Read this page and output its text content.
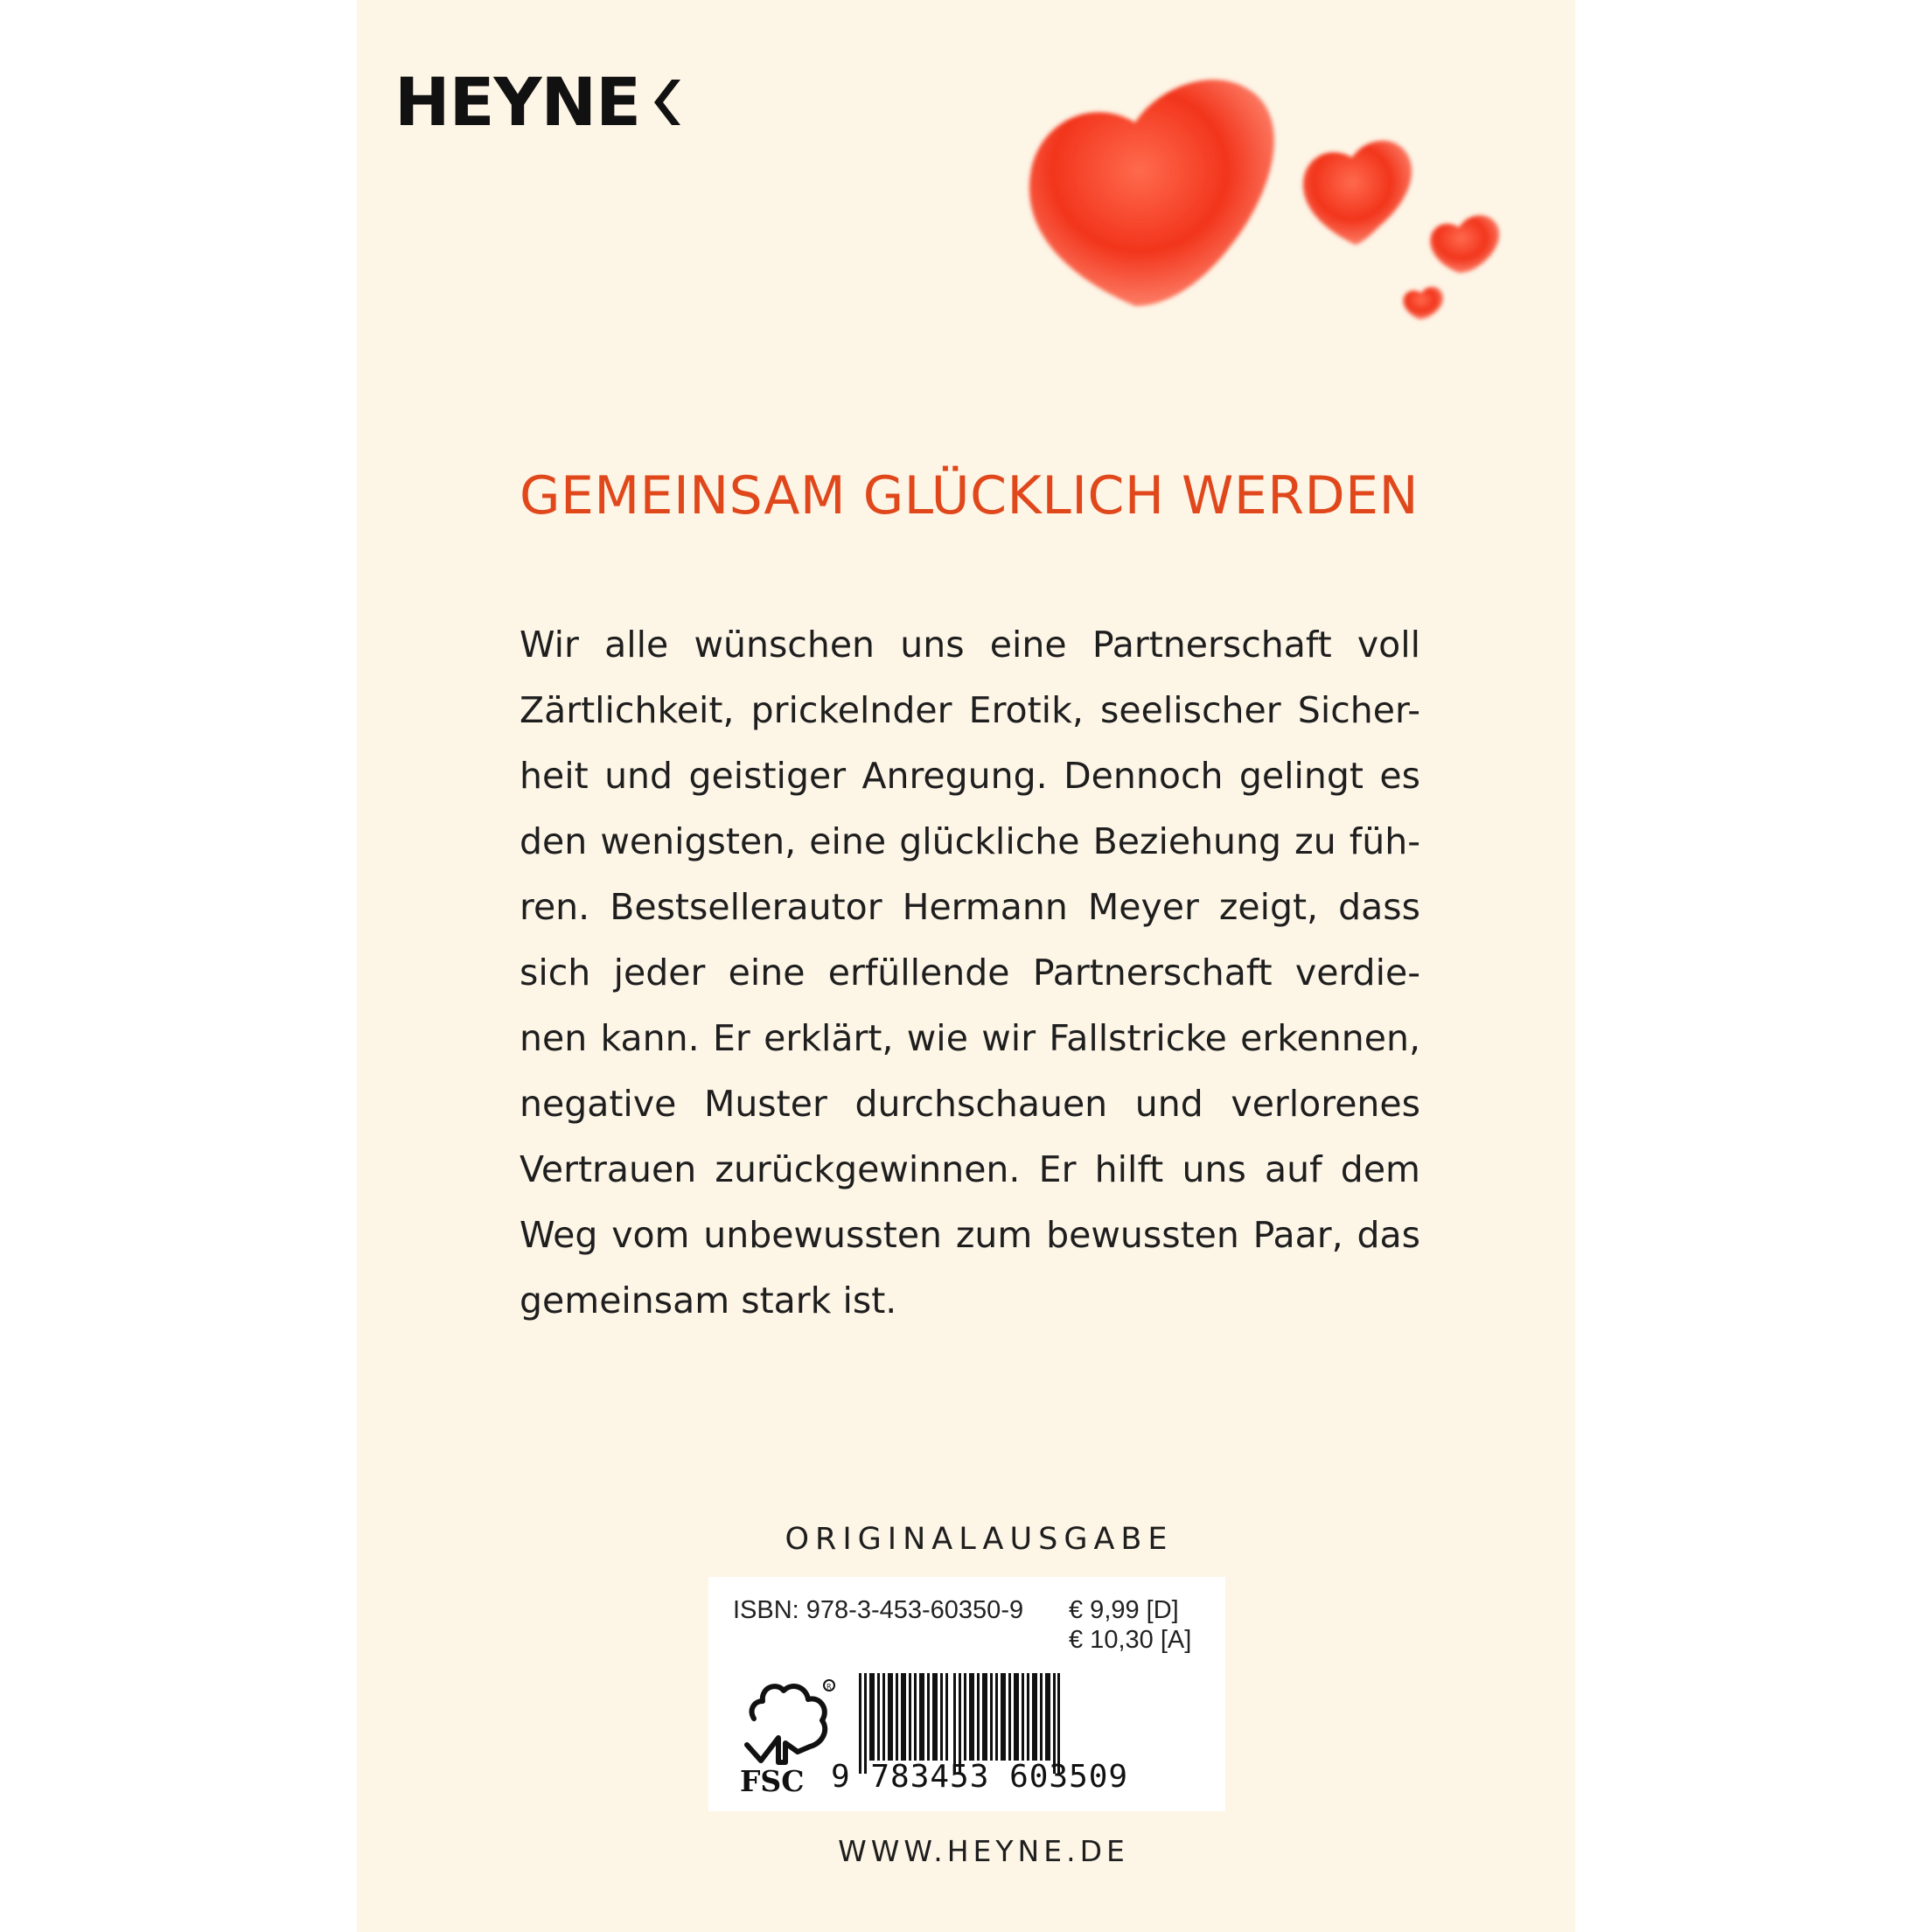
HEYNE
GEMEINSAM GLÜCKLICH WERDEN
Wir alle wünschen uns eine Partnerschaft voll
Zärtlichkeit, prickelnder Erotik, seelischer Sicher-
heit und geistiger Anregung. Dennoch gelingt es
den wenigsten, eine glückliche Beziehung zu füh-
ren. Bestsellerautor Hermann Meyer zeigt, dass
sich jeder eine erfüllende Partnerschaft verdie-
nen kann. Er erklärt, wie wir Fallstricke erkennen,
negative Muster durchschauen und verlorenes
Vertrauen zurückgewinnen. Er hilft uns auf dem
Weg vom unbewussten zum bewussten Paar, das
gemeinsam stark ist.
ORIGINALAUSGABE
ISBN: 978-3-453-60350-9 € 9,99 [D]
€ 10,30 [A]
R
FSC 9 783453 603509
WWW.HEYNE.DE
